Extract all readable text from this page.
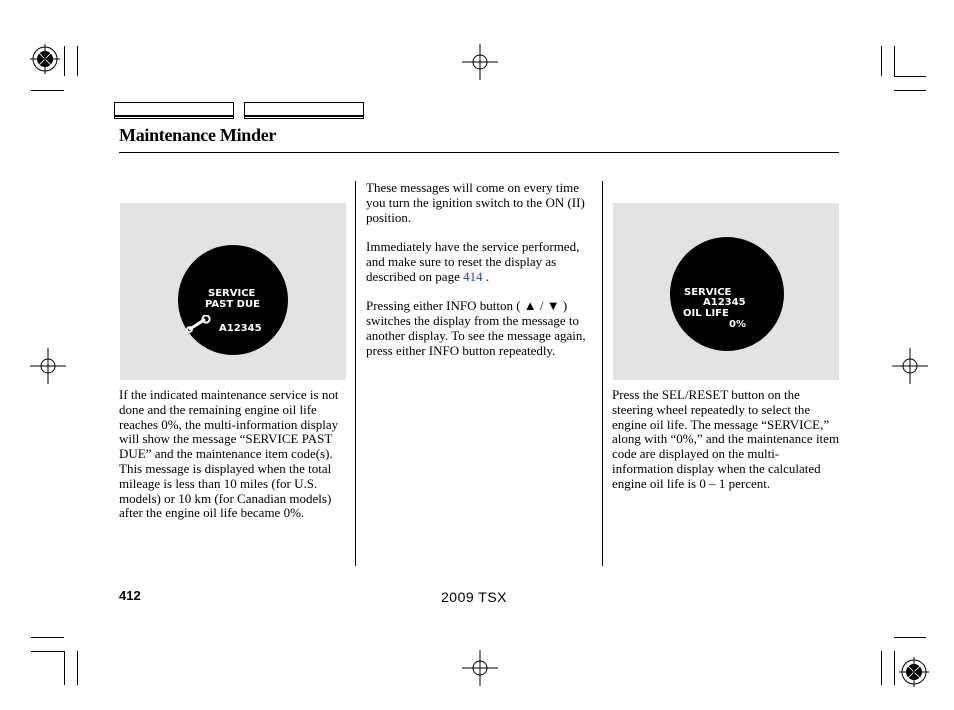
Maintenance Minder
SERVICE
PAST DUE
A12345

If the indicated maintenance service is not done and the remaining engine oil life reaches 0%, the multi-information display will show the message “SERVICE PAST DUE” and the maintenance item code(s). This message is displayed when the total mileage is less than 10 miles (for U.S. models) or 10 km (for Canadian models) after the engine oil life became 0%.

These messages will come on every time you turn the ignition switch to the ON (II) position.

Immediately have the service performed, and make sure to reset the display as described on page 414 .

Pressing either INFO button ( ▲ / ▼ ) switches the display from the message to another display. To see the message again, press either INFO button repeatedly.

SERVICE
A12345
OIL LIFE
0%

Press the SEL/RESET button on the steering wheel repeatedly to select the engine oil life. The message “SERVICE,” along with “0%,” and the maintenance item code are displayed on the multi-information display when the calculated engine oil life is 0 ‒ 1 percent.

412	2009 TSX
